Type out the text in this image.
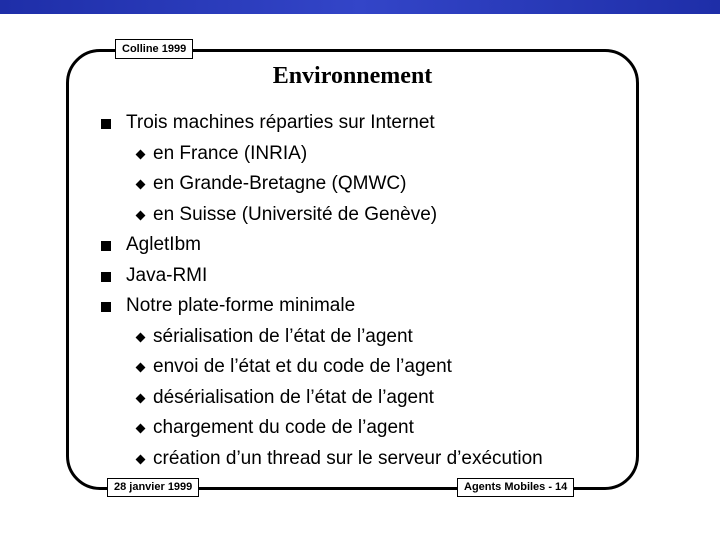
Colline 1999
Environnement
Trois machines réparties sur Internet
en France (INRIA)
en Grande-Bretagne (QMWC)
en Suisse (Université de Genève)
AgletIbm
Java-RMI
Notre plate-forme minimale
sérialisation de l’état de l’agent
envoi de l’état et du code de l’agent
désérialisation de l’état de l’agent
chargement du code de l’agent
création d’un thread sur le serveur d’exécution
28 janvier 1999	Agents Mobiles - 14
